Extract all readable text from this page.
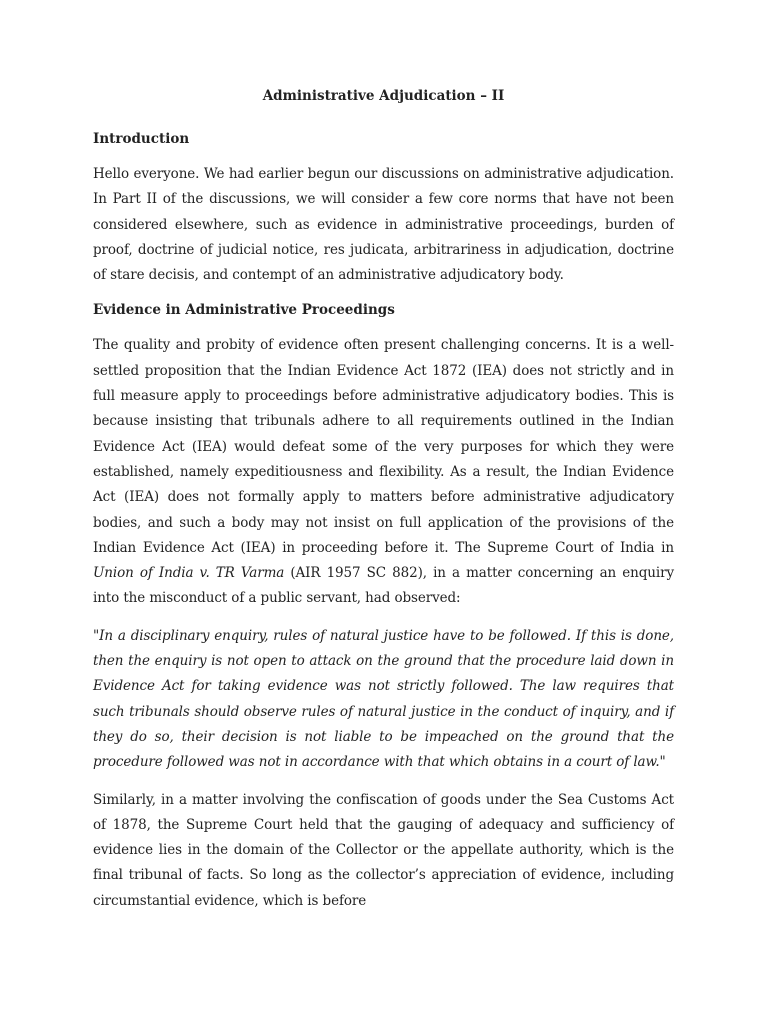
Administrative Adjudication – II
Introduction

Hello everyone. We had earlier begun our discussions on administrative adjudication. In Part II of the discussions, we will consider a few core norms that have not been considered elsewhere, such as evidence in administrative proceedings, burden of proof, doctrine of judicial notice, res judicata, arbitrariness in adjudication, doctrine of stare decisis, and contempt of an administrative adjudicatory body.

Evidence in Administrative Proceedings

The quality and probity of evidence often present challenging concerns. It is a well-settled proposition that the Indian Evidence Act 1872 (IEA) does not strictly and in full measure apply to proceedings before administrative adjudicatory bodies. This is because insisting that tribunals adhere to all requirements outlined in the Indian Evidence Act (IEA) would defeat some of the very purposes for which they were established, namely expeditiousness and flexibility. As a result, the Indian Evidence Act (IEA) does not formally apply to matters before administrative adjudicatory bodies, and such a body may not insist on full application of the provisions of the Indian Evidence Act (IEA) in proceeding before it. The Supreme Court of India in Union of India v. TR Varma (AIR 1957 SC 882), in a matter concerning an enquiry into the misconduct of a public servant, had observed:

"In a disciplinary enquiry, rules of natural justice have to be followed. If this is done, then the enquiry is not open to attack on the ground that the procedure laid down in Evidence Act for taking evidence was not strictly followed. The law requires that such tribunals should observe rules of natural justice in the conduct of inquiry, and if they do so, their decision is not liable to be impeached on the ground that the procedure followed was not in accordance with that which obtains in a court of law."

Similarly, in a matter involving the confiscation of goods under the Sea Customs Act of 1878, the Supreme Court held that the gauging of adequacy and sufficiency of evidence lies in the domain of the Collector or the appellate authority, which is the final tribunal of facts. So long as the collector’s appreciation of evidence, including circumstantial evidence, which is before
